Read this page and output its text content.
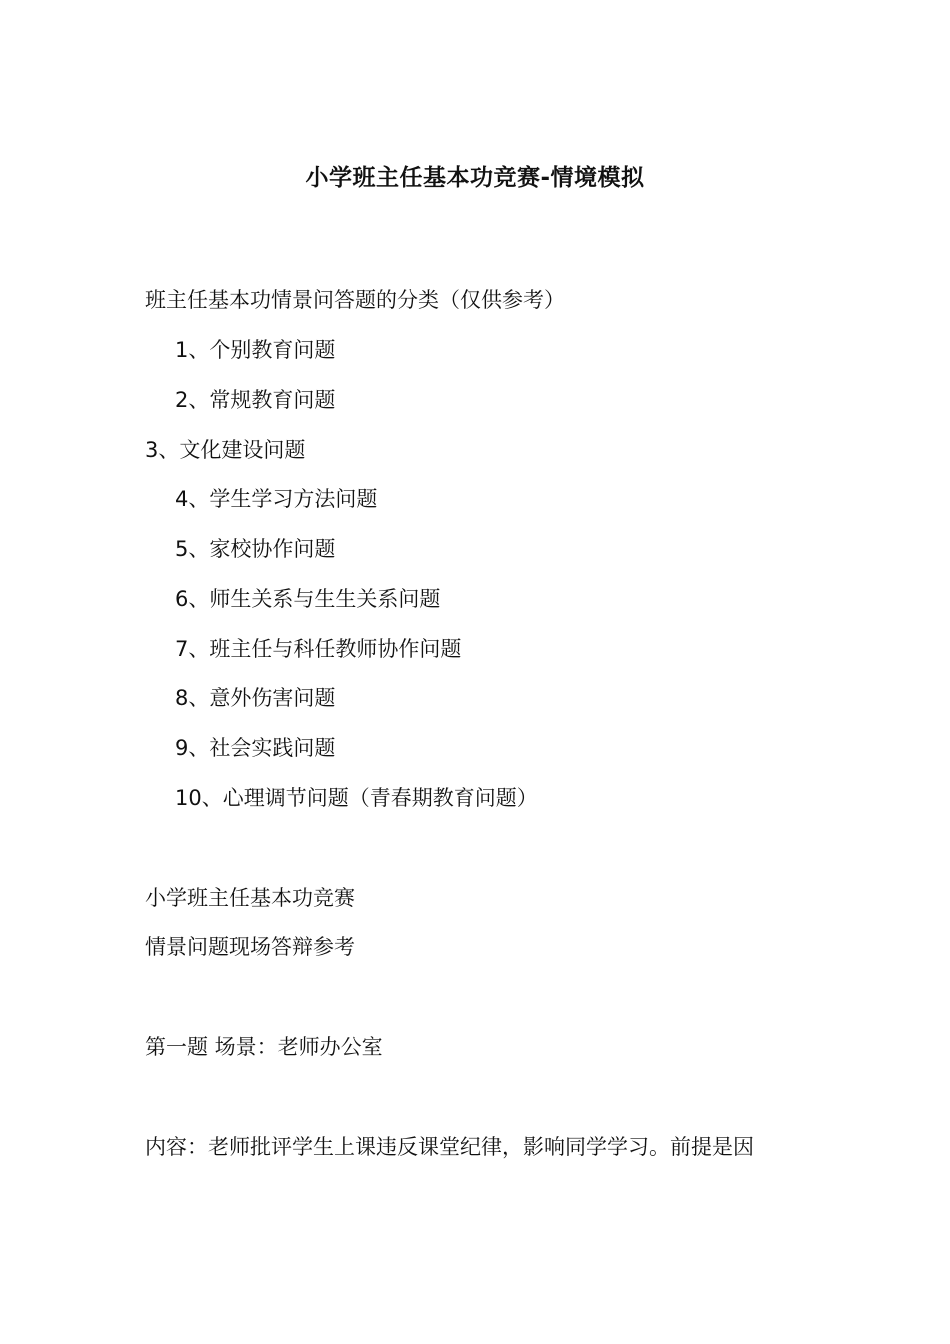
小学班主任基本功竞赛-情境模拟
班主任基本功情景问答题的分类（仅供参考）
1、个别教育问题
2、常规教育问题
3、文化建设问题
4、学生学习方法问题
5、家校协作问题
6、师生关系与生生关系问题
7、班主任与科任教师协作问题
8、意外伤害问题
9、社会实践问题
10、心理调节问题（青春期教育问题）
小学班主任基本功竞赛
情景问题现场答辩参考
第一题 场景：老师办公室
内容：老师批评学生上课违反课堂纪律，影响同学学习。前提是因
